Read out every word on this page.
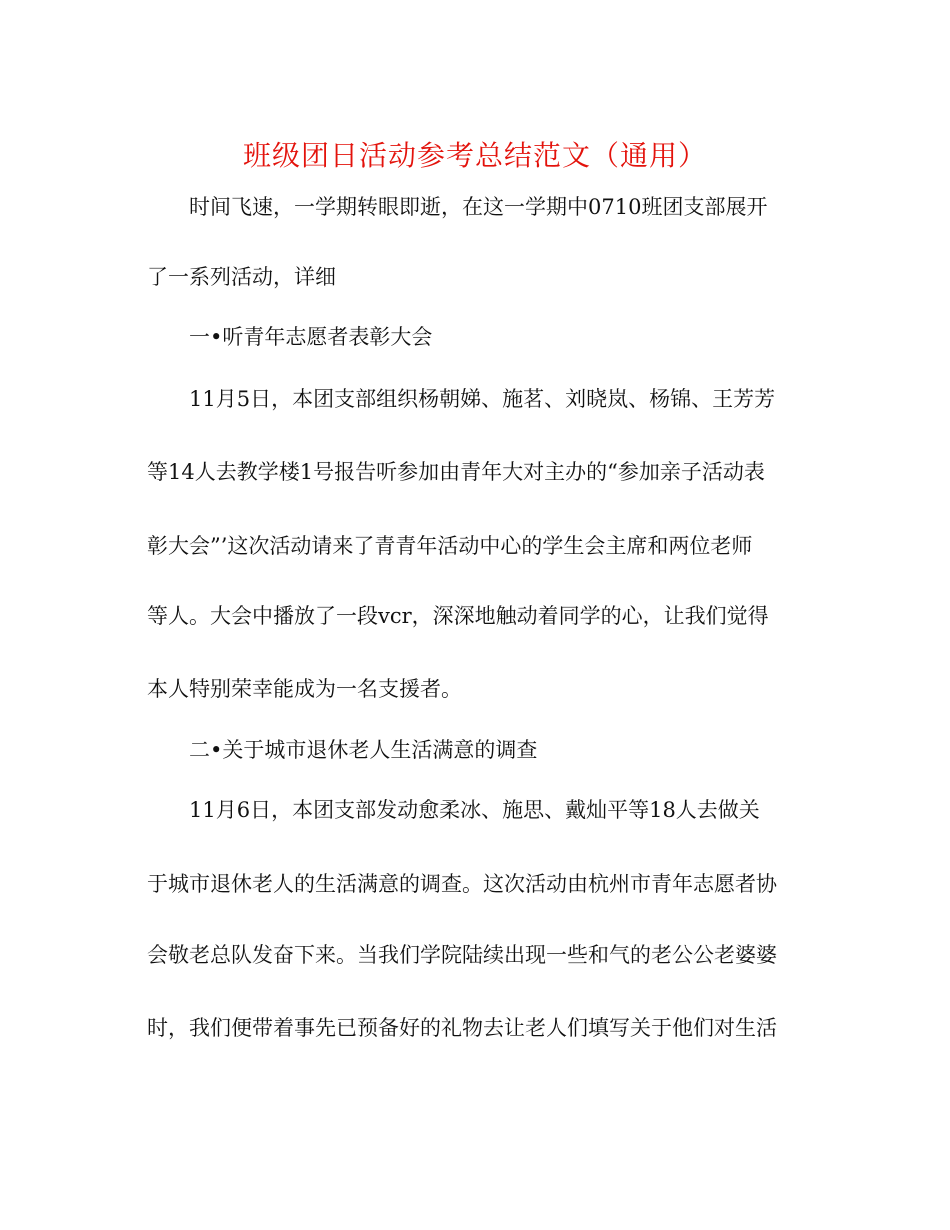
班级团日活动参考总结范文（通用）
时间飞速，一学期转眼即逝，在这一学期中0710班团支部展开
了一系列活动，详细
一•听青年志愿者表彰大会
11月5日，本团支部组织杨朝娣、施茗、刘晓岚、杨锦、王芳芳
等14人去教学楼1号报告听参加由青年大对主办的“参加亲子活动表
彰大会”’这次活动请来了青青年活动中心的学生会主席和两位老师
等人。大会中播放了一段vcr，深深地触动着同学的心，让我们觉得
本人特别荣幸能成为一名支援者。
二•关于城市退休老人生活满意的调查
11月6日，本团支部发动愈柔冰、施思、戴灿平等18人去做关
于城市退休老人的生活满意的调查。这次活动由杭州市青年志愿者协
会敬老总队发奋下来。当我们学院陆续出现一些和气的老公公老婆婆
时，我们便带着事先已预备好的礼物去让老人们填写关于他们对生活
